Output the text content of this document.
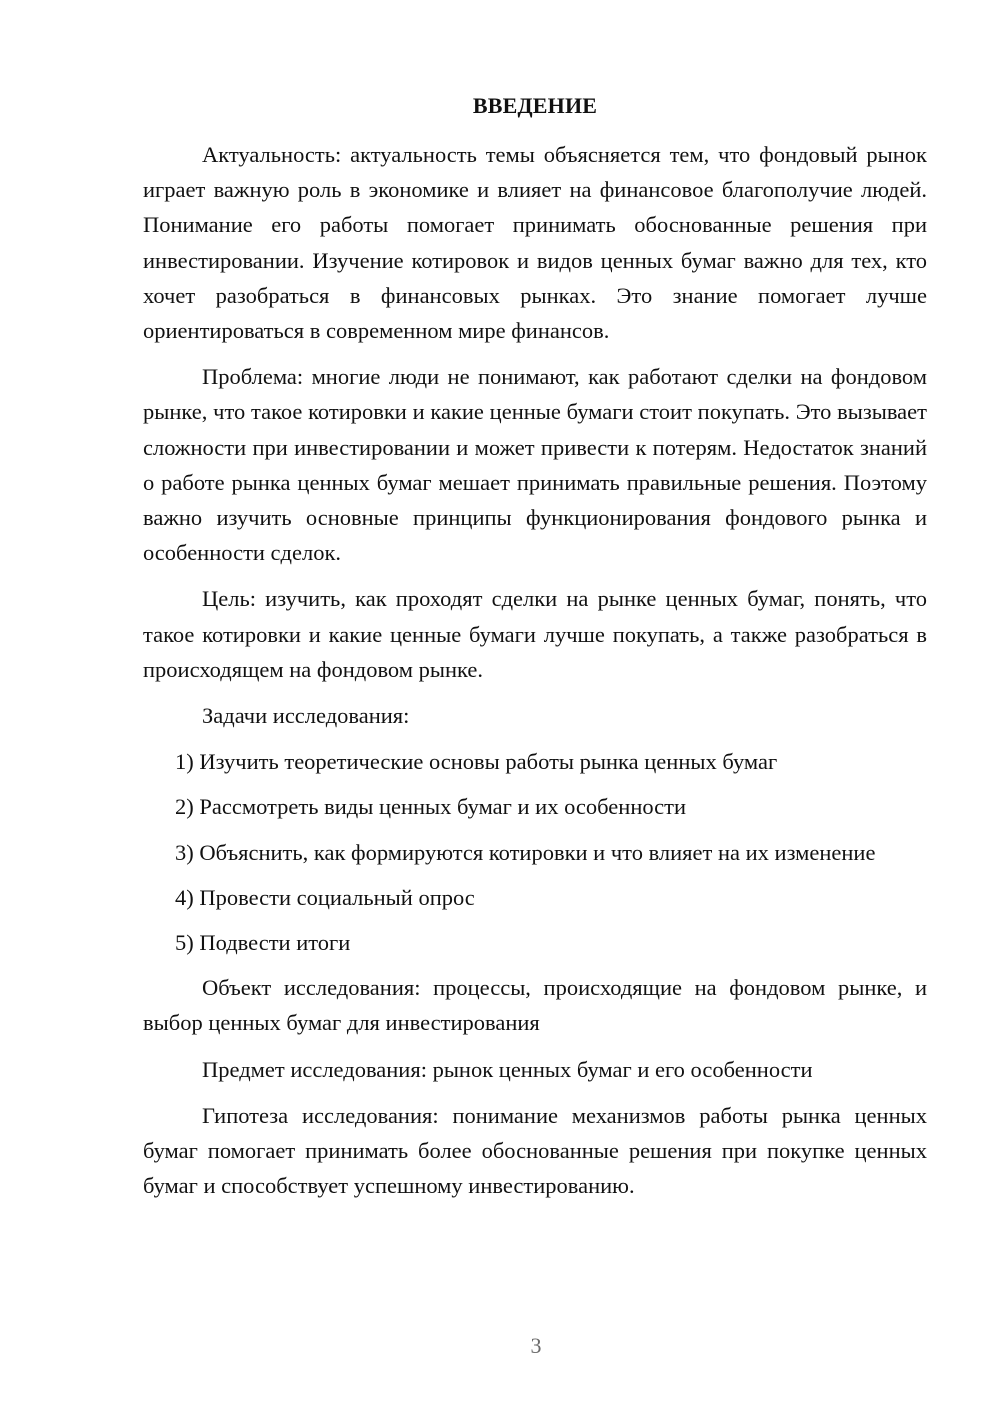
ВВЕДЕНИЕ

Актуальность: актуальность темы объясняется тем, что фондовый рынок играет важную роль в экономике и влияет на финансовое благополучие людей. Понимание его работы помогает принимать обоснованные решения при инвестировании. Изучение котировок и видов ценных бумаг важно для тех, кто хочет разобраться в финансовых рынках. Это знание помогает лучше ориентироваться в современном мире финансов.

Проблема: многие люди не понимают, как работают сделки на фондовом рынке, что такое котировки и какие ценные бумаги стоит покупать. Это вызывает сложности при инвестировании и может привести к потерям. Недостаток знаний о работе рынка ценных бумаг мешает принимать правильные решения. Поэтому важно изучить основные принципы функционирования фондового рынка и особенности сделок.

Цель: изучить, как проходят сделки на рынке ценных бумаг, понять, что такое котировки и какие ценные бумаги лучше покупать, а также разобраться в происходящем на фондовом рынке.

Задачи исследования:

1) Изучить теоретические основы работы рынка ценных бумаг

2) Рассмотреть виды ценных бумаг и их особенности

3) Объяснить, как формируются котировки и что влияет на их изменение

4) Провести социальный опрос

5) Подвести итоги

Объект исследования: процессы, происходящие на фондовом рынке, и выбор ценных бумаг для инвестирования

Предмет исследования: рынок ценных бумаг и его особенности

Гипотеза исследования: понимание механизмов работы рынка ценных бумаг помогает принимать более обоснованные решения при покупке ценных бумаг и способствует успешному инвестированию.

3
